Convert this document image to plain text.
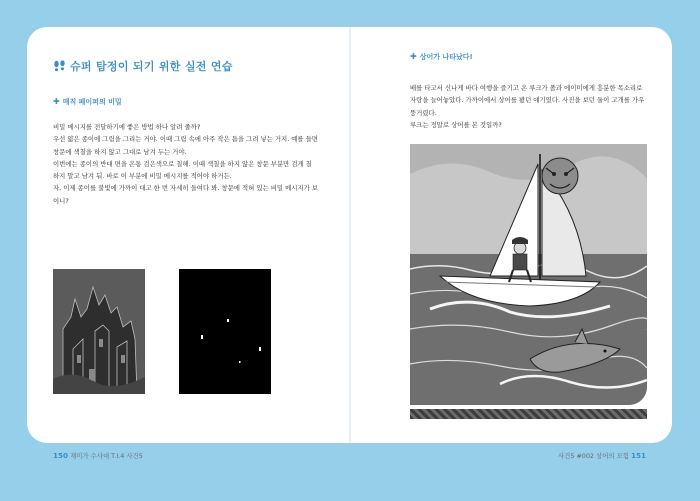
슈퍼 탐정이 되기 위한 실전 연습
✚ 매직 페이퍼의 비밀

비밀 메시지를 전달하기에 좋은 방법 하나 알려 줄까?

우선 얇은 종이에 그림을 그리는 거야. 이때 그림 속에 아주 작은 틈을 그려 넣는 거지. 예를 들면 창문에 색칠을 하지 않고 그대로 남겨 두는 거야.

이번에는 종이의 반대 면을 온통 검은색으로 칠해. 이때 색칠을 하지 않은 창문 부분만 검게 칠하지 말고 남겨 둬. 바로 이 부분에 비밀 메시지를 적어야 하거든.

자, 이제 종이를 불빛에 가까이 대고 한 번 자세히 들여다 봐. 창문에 적혀 있는 비밀 메시지가 보이니?

150 재미가 수사대 T.I.4 사건5
✚ 상어가 나타났다!

배를 타고서 신나게 바다 여행을 즐기고 온 루크가 폴과 에이미에게 흥분한 목소리로 자랑을 늘어놓았다. 가까이에서 상어를 봤던 얘기였다. 사진을 보던 둘이 고개를 가우뚱거렸다.

루크는 정말로 상어를 본 것일까?

사건5 #002 상어의 모험 151
